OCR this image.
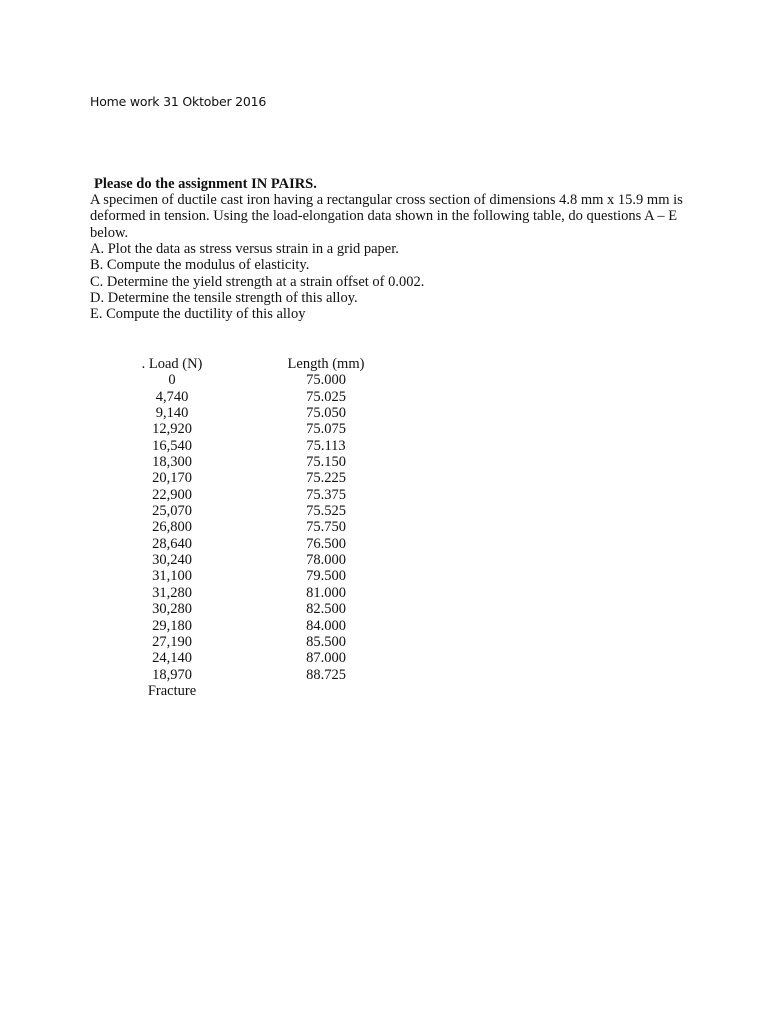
Home work 31 Oktober 2016
Please do the assignment IN PAIRS.
A specimen of ductile cast iron having a rectangular cross section of dimensions 4.8 mm x 15.9 mm is
deformed in tension. Using the load-elongation data shown in the following table, do questions A – E
below.
A. Plot the data as stress versus strain in a grid paper.
B. Compute the modulus of elasticity.
C. Determine the yield strength at a strain offset of 0.002.
D. Determine the tensile strength of this alloy.
E. Compute the ductility of this alloy
. Load (N)
0
4,740
9,140
12,920
16,540
18,300
20,170
22,900
25,070
26,800
28,640
30,240
31,100
31,280
30,280
29,180
27,190
24,140
18,970
Fracture
Length (mm)
75.000
75.025
75.050
75.075
75.113
75.150
75.225
75.375
75.525
75.750
76.500
78.000
79.500
81.000
82.500
84.000
85.500
87.000
88.725
